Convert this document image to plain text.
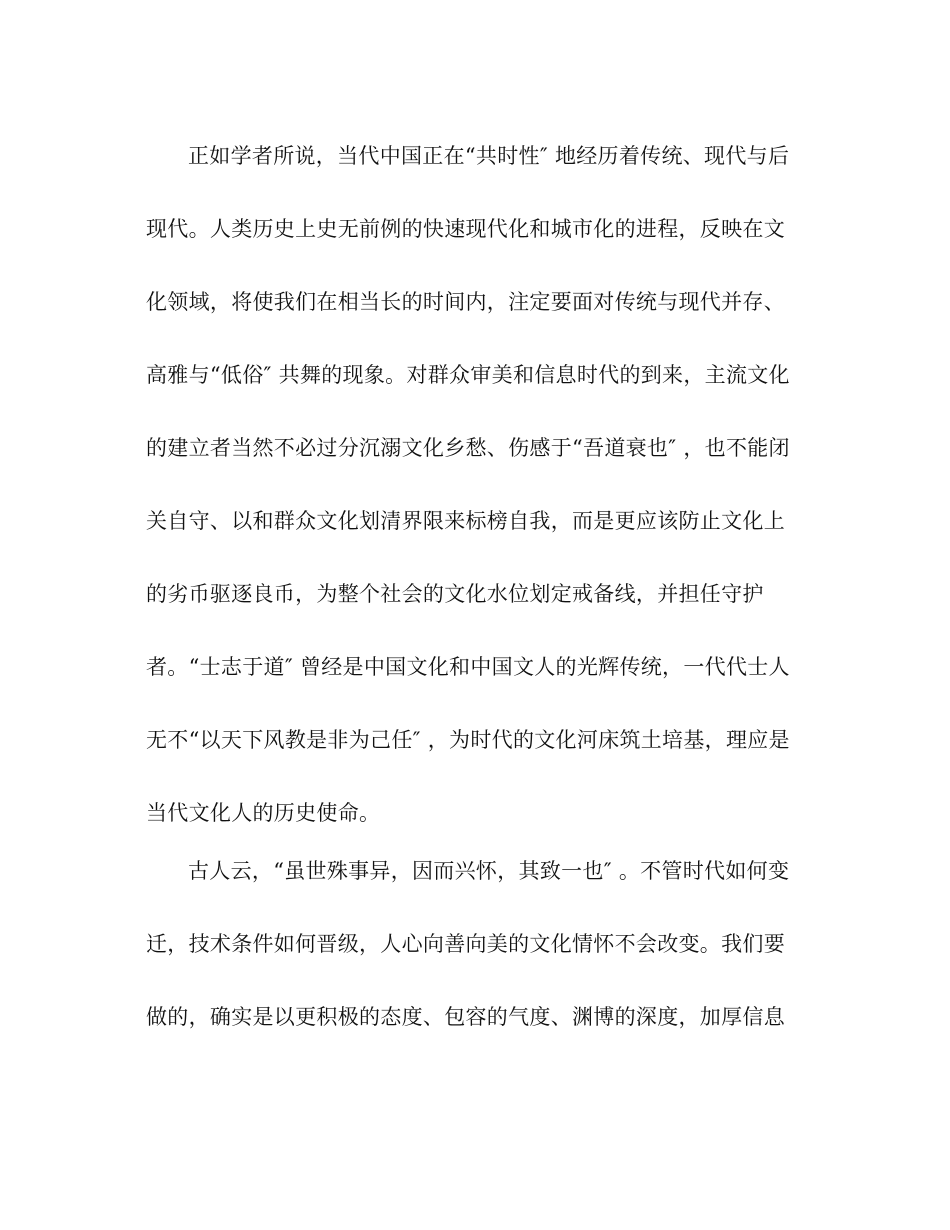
正如学者所说，当代中国正在“共时性″ 地经历着传统、现代与后
现代。人类历史上史无前例的快速现代化和城市化的进程，反映在文
化领域，将使我们在相当长的时间内，注定要面对传统与现代并存、
高雅与“低俗″ 共舞的现象。对群众审美和信息时代的到来，主流文化
的建立者当然不必过分沉溺文化乡愁、伤感于“吾道衰也″ ，也不能闭
关自守、以和群众文化划清界限来标榜自我，而是更应该防止文化上
的劣币驱逐良币，为整个社会的文化水位划定戒备线，并担任守护
者。“士志于道″ 曾经是中国文化和中国文人的光辉传统，一代代士人
无不“以天下风教是非为己任″ ，为时代的文化河床筑土培基，理应是
当代文化人的历史使命。
古人云，“虽世殊事异，因而兴怀，其致一也″ 。不管时代如何变
迁，技术条件如何晋级，人心向善向美的文化情怀不会改变。我们要
做的，确实是以更积极的态度、包容的气度、渊博的深度，加厚信息
